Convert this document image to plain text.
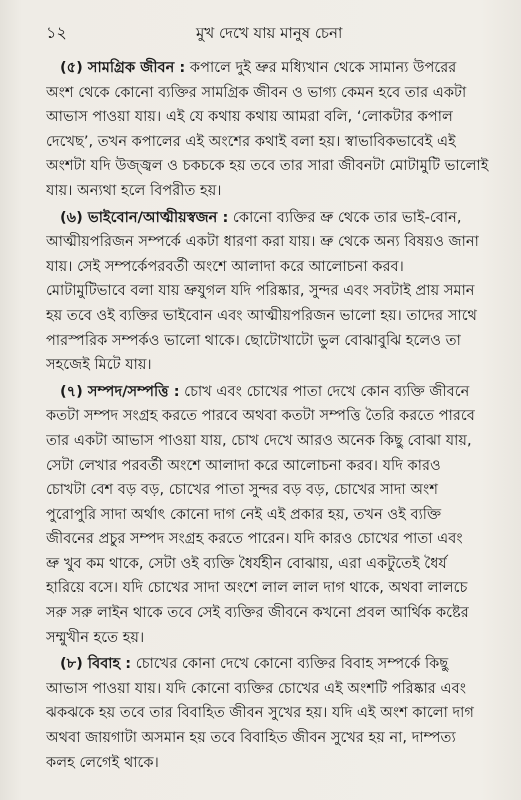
১২	মুখ দেখে যায় মানুষ চেনা
(৫) সামগ্রিক জীবন : কপালে দুই ভ্রুর মধ্যিখান থেকে সামান্য উপরের
অংশ থেকে কোনো ব্যক্তির সামগ্রিক জীবন ও ভাগ্য কেমন হবে তার একটা
আভাস পাওয়া যায়। এই যে কথায় কথায় আমরা বলি, ‘লোকটার কপাল
দেখেছ’, তখন কপালের এই অংশের কথাই বলা হয়। স্বাভাবিকভাবেই এই
অংশটা যদি উজ্জ্বল ও চকচকে হয় তবে তার সারা জীবনটা মোটামুটি ভালোই
যায়। অন্যথা হলে বিপরীত হয়।
(৬) ভাইবোন/আত্মীয়স্বজন : কোনো ব্যক্তির ভ্রু থেকে তার ভাই-বোন,
আত্মীয়পরিজন সম্পর্কে একটা ধারণা করা যায়। ভ্রু থেকে অন্য বিষয়ও জানা
যায়। সেই সম্পর্কেপরবর্তী অংশে আলাদা করে আলোচনা করব।
মোটামুটিভাবে বলা যায় ভ্রুযুগল যদি পরিষ্কার, সুন্দর এবং সবটাই প্রায় সমান
হয় তবে ওই ব্যক্তির ভাইবোন এবং আত্মীয়পরিজন ভালো হয়। তাদের সাথে
পারস্পরিক সম্পর্কও ভালো থাকে। ছোটোখাটো ভুল বোঝাবুঝি হলেও তা
সহজেই মিটে যায়।
(৭) সম্পদ/সম্পত্তি : চোখ এবং চোখের পাতা দেখে কোন ব্যক্তি জীবনে
কতটা সম্পদ সংগ্রহ করতে পারবে অথবা কতটা সম্পত্তি তৈরি করতে পারবে
তার একটা আভাস পাওয়া যায়, চোখ দেখে আরও অনেক কিছু বোঝা যায়,
সেটা লেখার পরবর্তী অংশে আলাদা করে আলোচনা করব। যদি কারও
চোখটা বেশ বড় বড়, চোখের পাতা সুন্দর বড় বড়, চোখের সাদা অংশ
পুরোপুরি সাদা অর্থাৎ কোনো দাগ নেই এই প্রকার হয়, তখন ওই ব্যক্তি
জীবনের প্রচুর সম্পদ সংগ্রহ করতে পারেন। যদি কারও চোখের পাতা এবং
ভ্রু খুব কম থাকে, সেটা ওই ব্যক্তি ধৈর্যহীন বোঝায়, এরা একটুতেই ধৈর্য
হারিয়ে বসে। যদি চোখের সাদা অংশে লাল লাল দাগ থাকে, অথবা লালচে
সরু সরু লাইন থাকে তবে সেই ব্যক্তির জীবনে কখনো প্রবল আর্থিক কষ্টের
সম্মুখীন হতে হয়।
(৮) বিবাহ : চোখের কোনা দেখে কোনো ব্যক্তির বিবাহ সম্পর্কে কিছু
আভাস পাওয়া যায়। যদি কোনো ব্যক্তির চোখের এই অংশটি পরিষ্কার এবং
ঝকঝকে হয় তবে তার বিবাহিত জীবন সুখের হয়। যদি এই অংশ কালো দাগ
অথবা জায়গাটা অসমান হয় তবে বিবাহিত জীবন সুখের হয় না, দাম্পত্য
কলহ লেগেই থাকে।
